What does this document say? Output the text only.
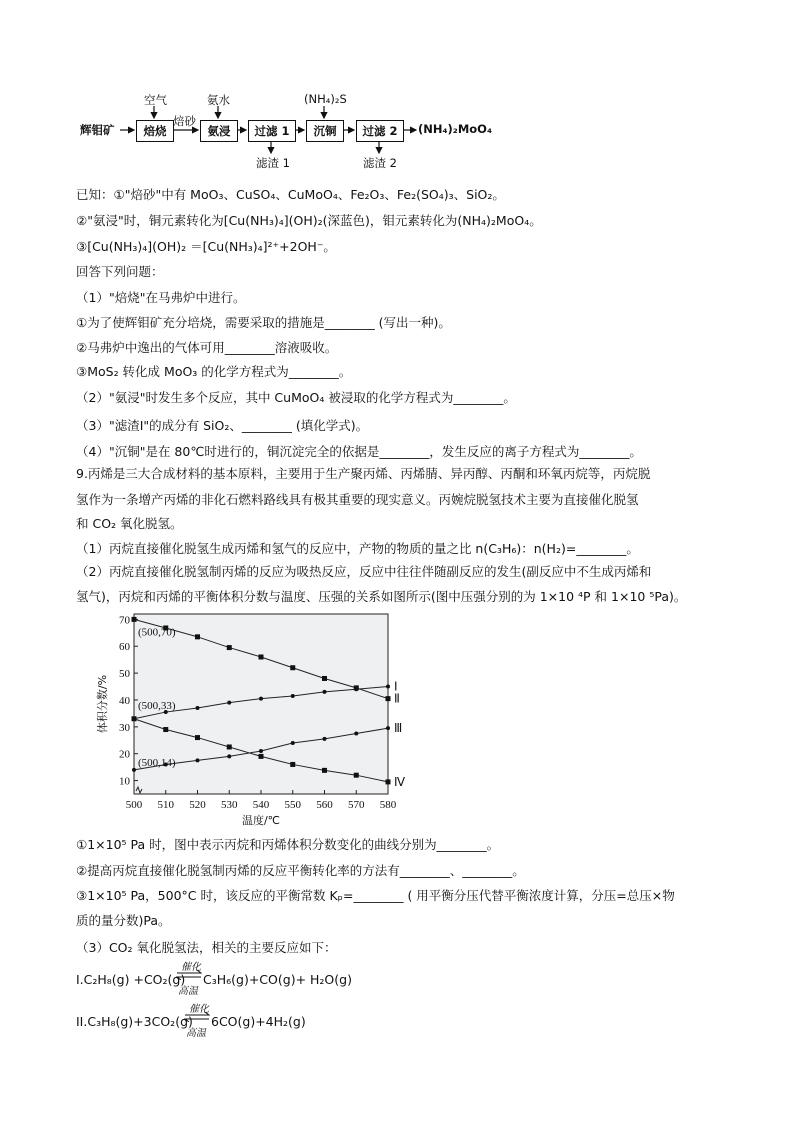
辉钼矿
空气
焙烧
焙砂
氨水
氨浸	过滤 1
滤渣 1
(NH₄)₂S
沉铜	过滤 2
滤渣 2
(NH₄)₂MoO₄
已知：①"焙砂"中有 MoO₃、CuSO₄、CuMoO₄、Fe₂O₃、Fe₂(SO₄)₃、SiO₂。
②"氨浸"时，铜元素转化为[Cu(NH₃)₄](OH)₂(深蓝色)，钼元素转化为(NH₄)₂MoO₄。
③[Cu(NH₃)₄](OH)₂ ＝[Cu(NH₃)₄]²⁺+2OH⁻。
回答下列问题：
（1）"焙烧"在马弗炉中进行。
①为了使辉钼矿充分培烧，需要采取的措施是________ (写出一种)。
②马弗炉中逸出的气体可用________溶液吸收。
③MoS₂ 转化成 MoO₃ 的化学方程式为________。
（2）"氨浸"时发生多个反应，其中 CuMoO₄ 被浸取的化学方程式为________。
（3）"滤渣Ⅰ"的成分有 SiO₂、________ (填化学式)。
（4）"沉铜"是在 80℃时进行的，铜沉淀完全的依据是________，发生反应的离子方程式为________。
9.丙烯是三大合成材料的基本原料，主要用于生产聚丙烯、丙烯腈、异丙醇、丙酮和环氧丙烷等，丙烷脱
氢作为一条增产丙烯的非化石燃料路线具有极其重要的现实意义。丙婉烷脱氢技术主要为直接催化脱氢
和 CO₂ 氧化脱氢。
（1）丙烷直接催化脱氢生成丙烯和氢气的反应中，产物的物质的量之比 n(C₃H₆)：n(H₂)=________。
（2）丙烷直接催化脱氢制丙烯的反应为吸热反应，反应中往往伴随副反应的发生(副反应中不生成丙烯和
氢气)，丙烷和丙烯的平衡体积分数与温度、压强的关系如图所示(图中压强分别的为 1×10 ⁴P 和 1×10 ⁵Pa)。
10
20
30
40
50
60
70
500 510 520 530 540 550 560 570 580
温度/℃
体积分数/%	Ⅰ
Ⅱ
Ⅲ
Ⅳ
(500,70)
(500,33)
(500,14)
①1×10⁵ Pa 时，图中表示丙烷和丙烯体积分数变化的曲线分别为________。
②提高丙烷直接催化脱氢制丙烯的反应平衡转化率的方法有________、________。
③1×10⁵ Pa，500°C 时，该反应的平衡常数 Kₚ=________ ( 用平衡分压代替平衡浓度计算，分压=总压×物
质的量分数)Pa。
（3）CO₂ 氧化脱氢法，相关的主要反应如下：
I.C₂H₈(g) +CO₂(g)
催化
高温
C₃H₆(g)+CO(g)+ H₂O(g)
II.C₃H₈(g)+3CO₂(g)
催化
高温
6CO(g)+4H₂(g)
